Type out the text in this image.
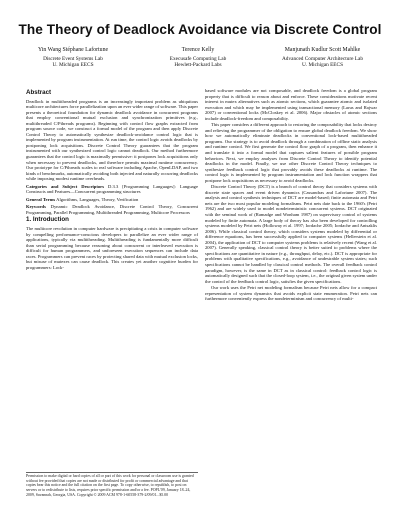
The Theory of Deadlock Avoidance via Discrete Control
Yin Wang Stéphane Lafortune
Discrete Event Systems Lab
U. Michigan EECS
Terence Kelly
Execusafe Computing Lab
Hewlett-Packard Labs
Manjunath Kudlur Scott Mahlke
Advanced Computer Architecture Lab
U. Michigan EECS
Abstract

Deadlock in multithreaded programs is an increasingly important problem as ubiquitous multicore architectures force parallelization upon an ever wider range of software. This paper presents a theoretical foundation for dynamic deadlock avoidance in concurrent programs that employ conventional mutual exclusion and synchronization primitives (e.g., multithreaded C/Pthreads programs). Beginning with control flow graphs extracted from program source code, we construct a formal model of the program and then apply Discrete Control Theory to automatically synthesize deadlock-avoidance control logic that is implemented by program instrumentation. At run time, the control logic avoids deadlocks by postponing lock acquisitions. Discrete Control Theory guarantees that the program instrumented with our synthesized control logic cannot deadlock. Our method furthermore guarantees that the control logic is maximally permissive: it postpones lock acquisitions only when necessary to prevent deadlocks, and therefore permits maximal runtime concurrency. Our prototype for C/Pthreads scales to real software including Apache, OpenLDAP, and two kinds of benchmarks, automatically avoiding both injected and naturally occurring deadlocks while imposing modest runtime overheads.

Categories and Subject Descriptors D.3.3 [Programming Languages]: Language Constructs and Features—Concurrent programming structures

General Terms Algorithms, Languages, Theory, Verification

Keywords Dynamic Deadlock Avoidance, Discrete Control Theory, Concurrent Programming, Parallel Programming, Multithreaded Programming, Multicore Processors

1. Introduction

The multicore revolution in computer hardware is precipitating a crisis in computer software by compelling performance-conscious developers to parallelize an ever wider range of applications, typically via multithreading. Multithreading is fundamentally more difficult than serial programming because reasoning about concurrent or interleaved execution is difficult for human programmers, and unforeseen execution sequences can include data races. Programmers can prevent races by protecting shared data with mutual exclusion locks, but misuse of mutexes can cause deadlock. This creates yet another cognitive burden for programmers: Lock-

Permission to make digital or hard copies of all or part of this work for personal or classroom use is granted without fee provided that copies are not made or distributed for profit or commercial advantage and that copies bear this notice and the full citation on the first page. To copy otherwise, to republish, to post on servers or to redistribute to lists, requires prior specific permission and/or a fee. POPL'09, January 18–24, 2009, Savannah, Georgia, USA. Copyright © 2009 ACM 978-1-60558-379-2/09/01...$5.00

based software modules are not composable, and deadlock freedom is a global program property that is difficult to reason about and enforce. These considerations motivate recent interest in mutex alternatives such as atomic sections, which guarantee atomic and isolated execution and which may be implemented using transactional memory (Larus and Rajwar 2007) or conventional locks (McCloskey et al. 2006). Major obstacles of atomic sections include deadlock-freedom and composability.

This paper considers a different approach to restoring the composability that locks destroy and relieving the programmer of the obligation to ensure global deadlock freedom. We show how we automatically eliminate deadlocks in conventional lock-based multithreaded programs. Our strategy is to avoid deadlock through a combination of offline static analysis and runtime control. We first generate the control flow graph of a program, then enhance it and translate it into a formal model that captures salient features of possible program behaviors. Next, we employ analyses from Discrete Control Theory to identify potential deadlocks in the model. Finally, we use other Discrete Control Theory techniques to synthesize feedback control logic that provably avoids these deadlocks at runtime. The control logic is implemented by program instrumentation and lock function wrappers that postpone lock acquisitions as necessary to avoid deadlocks.

Discrete Control Theory (DCT) is a branch of control theory that considers systems with discrete state spaces and event driven dynamics (Cassandras and Lafortune 2007). The analysis and control synthesis techniques of DCT are model-based; finite automata and Petri nets are the two most popular modeling formalisms. Petri nets date back to the 1960's (Petri 1962) and are widely used to model nondeterministic concurrent systems. DCT originated with the seminal work of (Ramadge and Wonham 1987) on supervisory control of systems modeled by finite automata. A large body of theory has also been developed for controlling systems modeled by Petri nets (Holloway et al. 1997; Iordache 2005; Iordache and Antsaklis 2006). While classical control theory, which considers systems modeled by differential or difference equations, has been successfully applied to computer systems (Hellerstein et al. 2004), the application of DCT to computer systems problems is relatively recent (Wang et al. 2007). Generally speaking, classical control theory is better suited to problems where the specifications are quantitative in nature (e.g., throughput, delay, etc.). DCT is appropriate for problems with qualitative specifications, e.g., avoidance of undesirable system states; such specifications cannot be handled by classical control methods. The overall feedback control paradigm, however, is the same in DCT as in classical control: feedback control logic is automatically designed such that the closed-loop system, i.e., the original given system under the control of the feedback control logic, satisfies the given specifications.

Our work uses the Petri net modeling formalism because Petri nets allow for a compact representation of system dynamics that avoids explicit state enumeration. Petri nets can furthermore conveniently express the nondeterminism and concurrency of multi-
